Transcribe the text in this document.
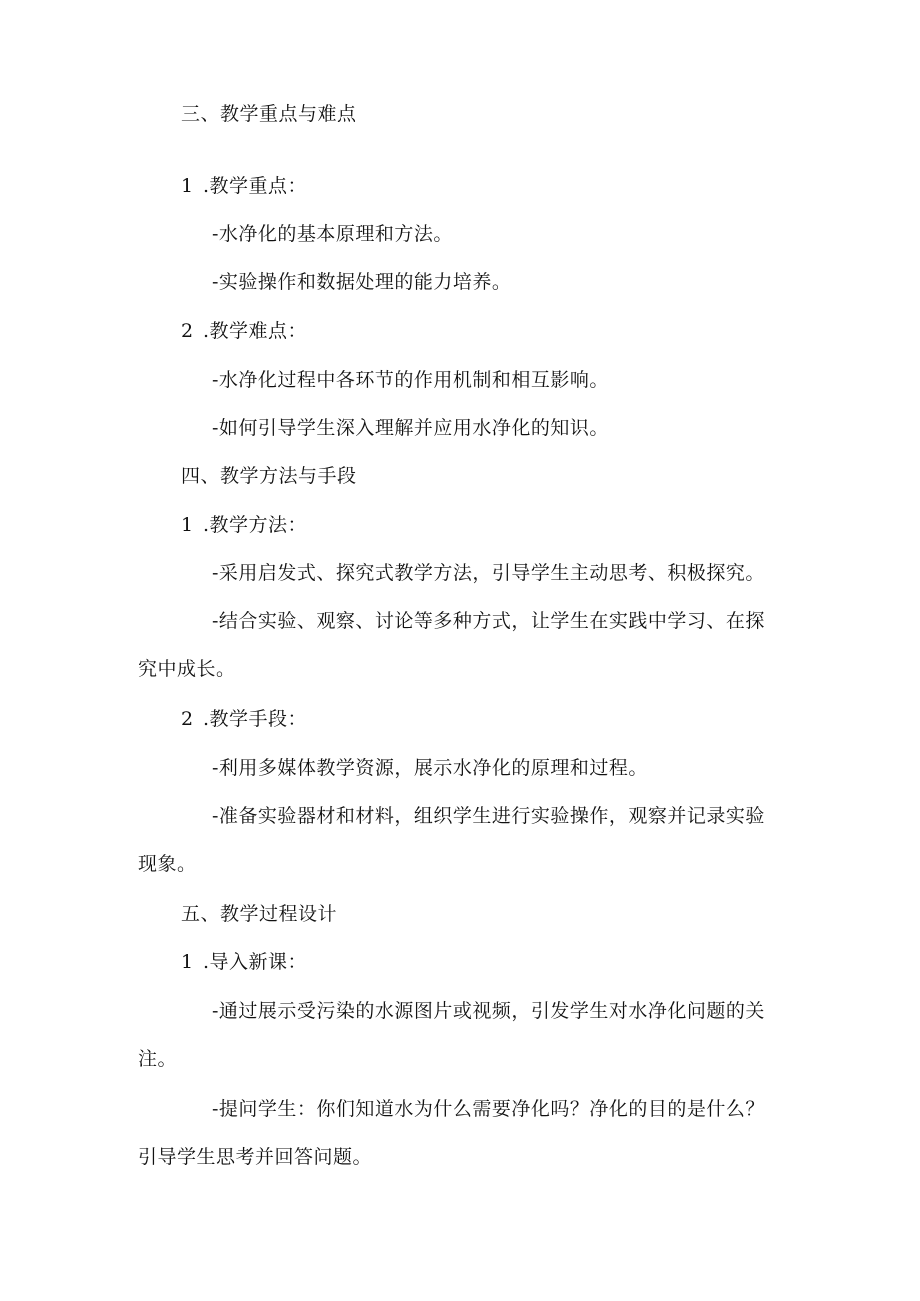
三、教学重点与难点
1 .教学重点：
-水净化的基本原理和方法。
-实验操作和数据处理的能力培养。
2 .教学难点：
-水净化过程中各环节的作用机制和相互影响。
-如何引导学生深入理解并应用水净化的知识。
四、教学方法与手段
1 .教学方法：
-采用启发式、探究式教学方法，引导学生主动思考、积极探究。
-结合实验、观察、讨论等多种方式，让学生在实践中学习、在探
究中成长。
2 .教学手段：
-利用多媒体教学资源，展示水净化的原理和过程。
-准备实验器材和材料，组织学生进行实验操作，观察并记录实验
现象。
五、教学过程设计
1 .导入新课：
-通过展示受污染的水源图片或视频，引发学生对水净化问题的关
注。
-提问学生：你们知道水为什么需要净化吗？净化的目的是什么？
引导学生思考并回答问题。
